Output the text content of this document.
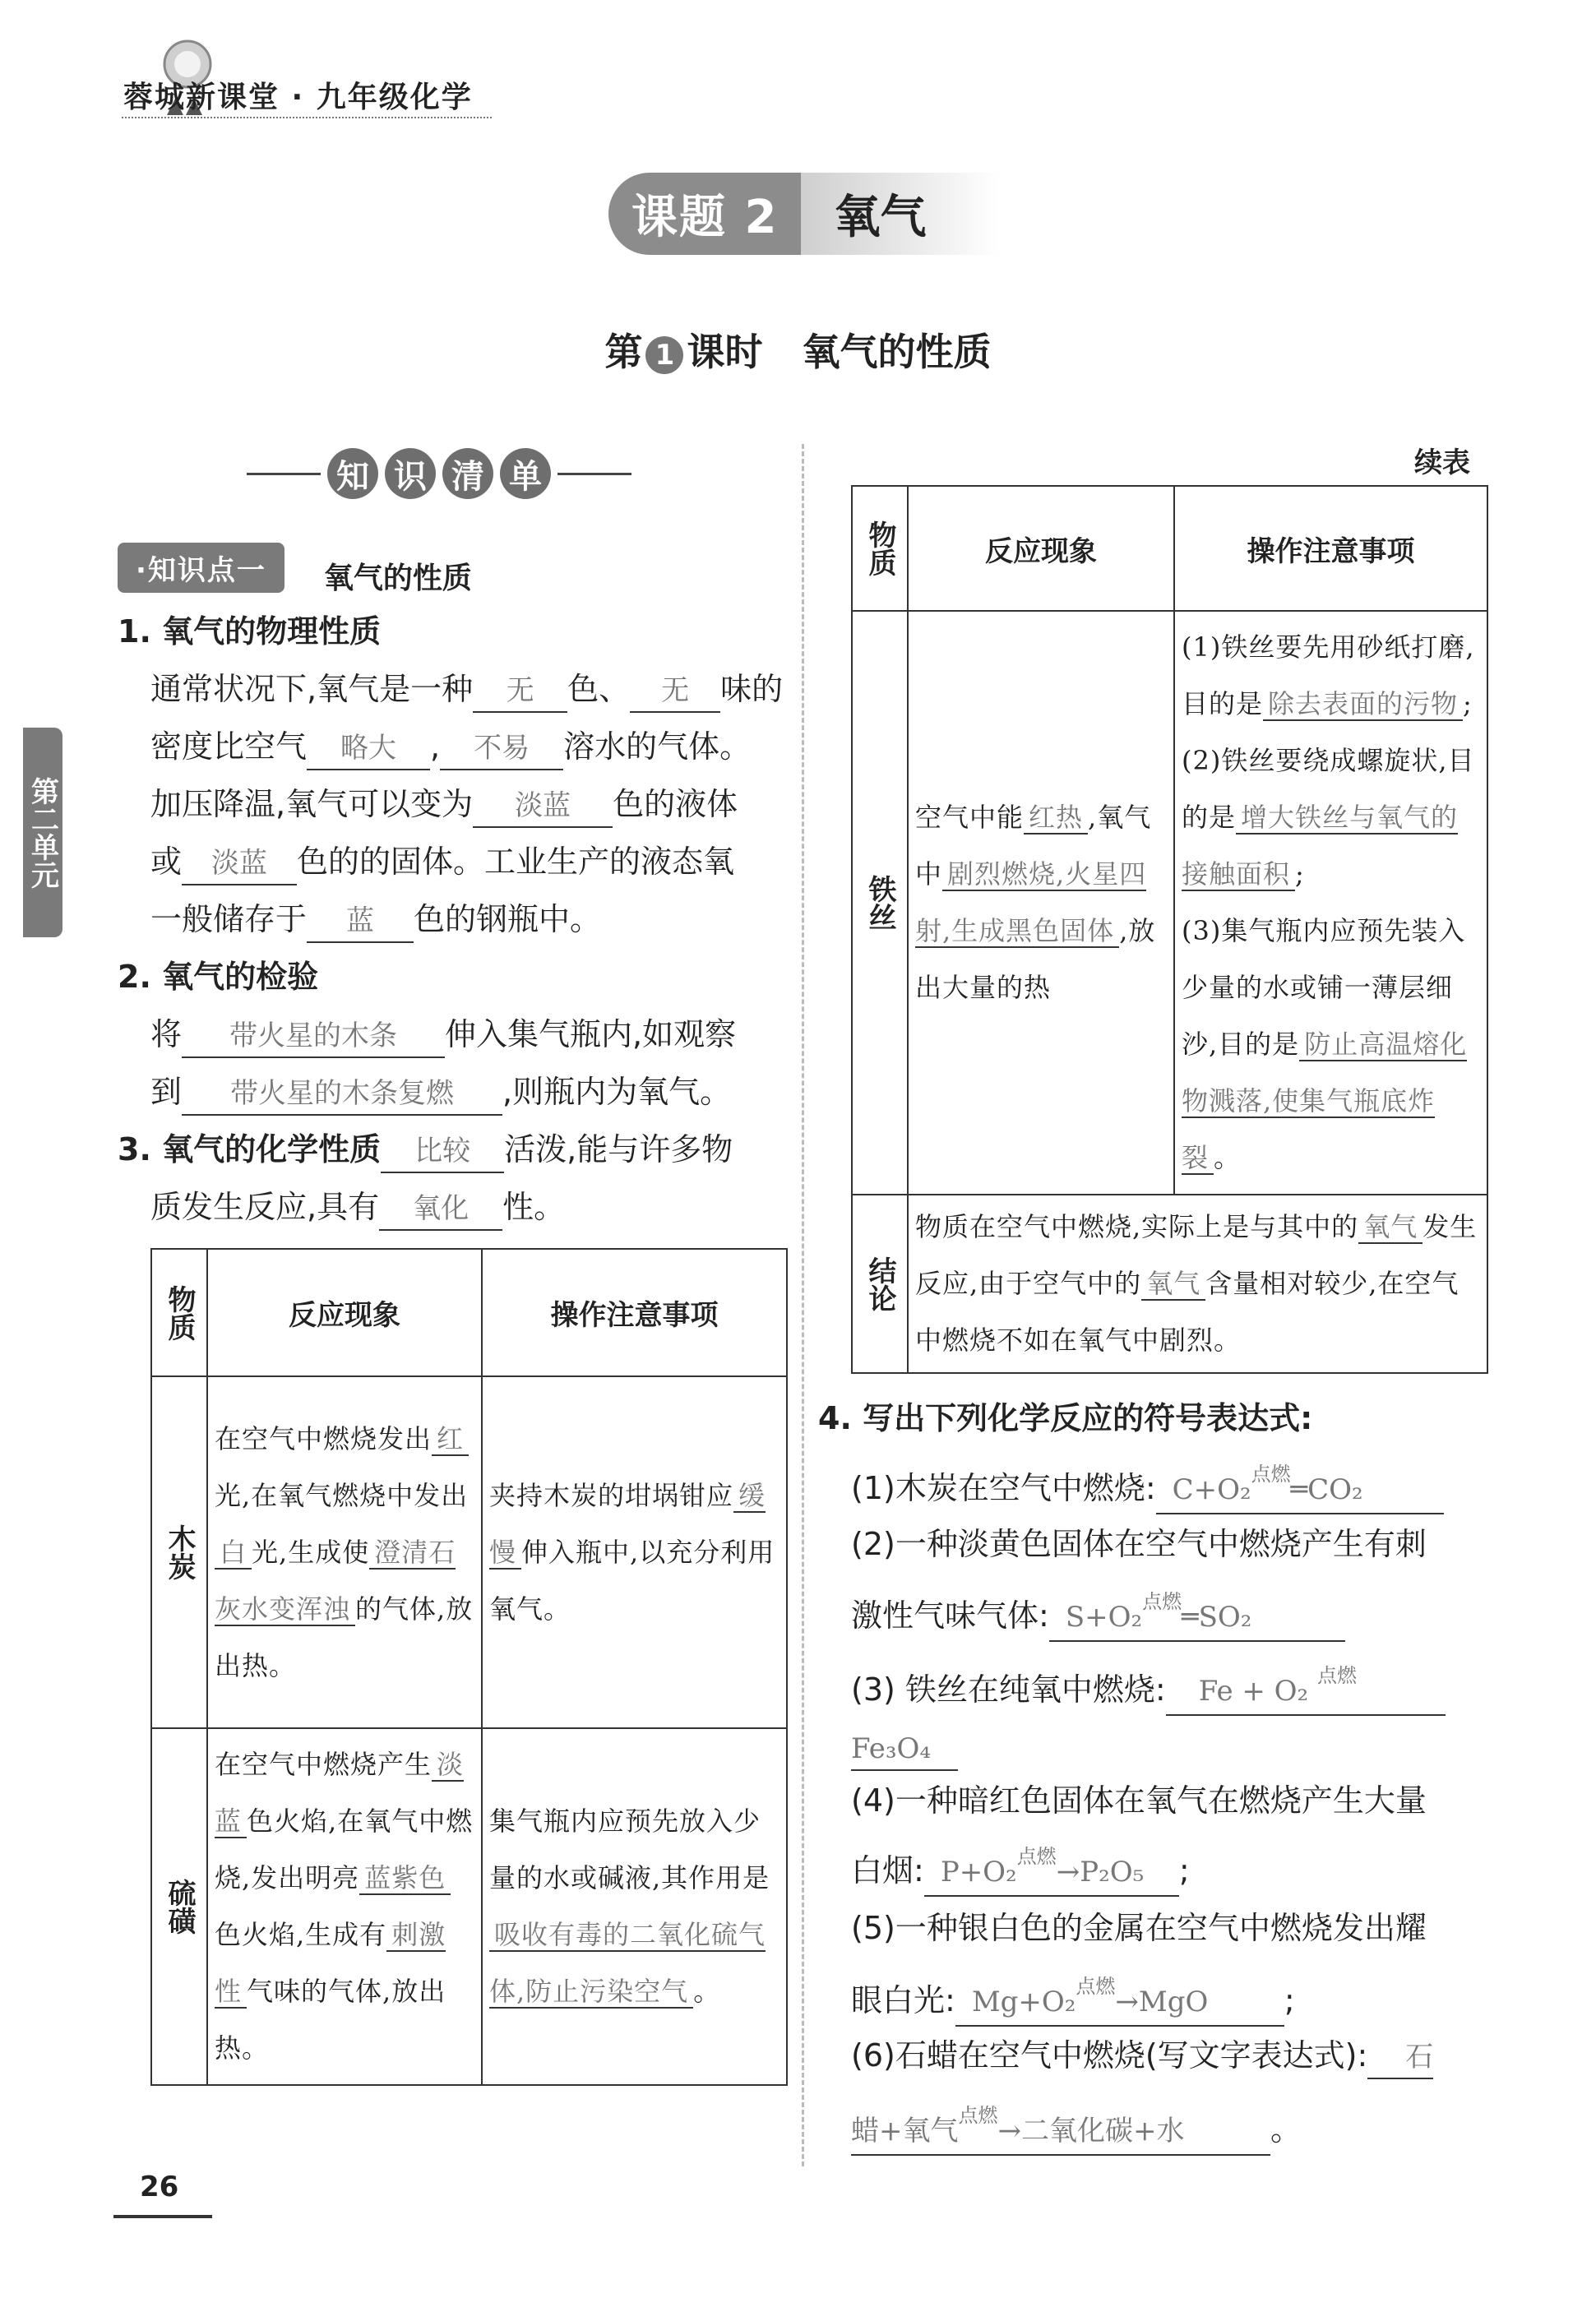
蓉城新课堂 · 九年级化学
课题 2	氧气
第 1 课时 氧气的性质
第二单元
知 识 清 单
·知识点一	氧气的性质
1. 氧气的物理性质
通常状况下,氧气是一种 无 色、 无 味的
密度比空气 略大 , 不易 溶水的气体。
加压降温,氧气可以变为 淡蓝 色的液体
或 淡蓝 色的的固体。工业生产的液态氧
一般储存于 蓝 色的钢瓶中。
2. 氧气的检验
将 带火星的木条 伸入集气瓶内,如观察
到 带火星的木条复燃 ,则瓶内为氧气。
3. 氧气的化学性质 比较 活泼,能与许多物
质发生反应,具有 氧化 性。
物质	反应现象	操作注意事项

木炭	在空气中燃烧发出 红光,在氧气燃烧中发出白 光,生成使 澄清石灰水变浑浊 的气体,放出热。	夹持木炭的坩埚钳应 缓慢 伸入瓶中,以充分利用氧气。

硫磺	在空气中燃烧产生 淡蓝 色火焰,在氧气中燃烧,发出明亮 蓝紫色色火焰,生成有 刺激性 气味的气体,放出热。	集气瓶内应预先放入少量的水或碱液,其作用是吸收有毒的二氧化硫气体,防止污染空气 。
续表
物质	反应现象	操作注意事项

铁丝	空气中能 红热 ,氧气中 剧烈燃烧,火星四射,生成黑色固体 ,放出大量的热	(1)铁丝要先用砂纸打磨,目的是 除去表面的污物 ;
(2)铁丝要绕成螺旋状,目的是 增大铁丝与氧气的接触面积 ;
(3)集气瓶内应预先装入少量的水或铺一薄层细沙,目的是 防止高温熔化物溅落,使集气瓶底炸裂 。

结论	物质在空气中燃烧,实际上是与其中的 氧气 发生反应,由于空气中的 氧气 含量相对较少,在空气中燃烧不如在氧气中剧烈。	
4. 写出下列化学反应的符号表达式:
(1)木炭在空气中燃烧: C+O₂$^{点燃}$═CO₂
(2)一种淡黄色固体在空气中燃烧产生有刺
激性气味气体: S+O₂$^{点燃}$═SO₂
(3) 铁丝在纯氧中燃烧: Fe + O₂ $^{点燃}$
Fe₃O₄
(4)一种暗红色固体在氧气在燃烧产生大量
白烟: P+O₂$^{点燃}$→P₂O₅ ;
(5)一种银白色的金属在空气中燃烧发出耀
眼白光: Mg+O₂$^{点燃}$→MgO ;
(6)石蜡在空气中燃烧(写文字表达式): 石
蜡+氧气$^{点燃}$→二氧化碳+水	。
26
